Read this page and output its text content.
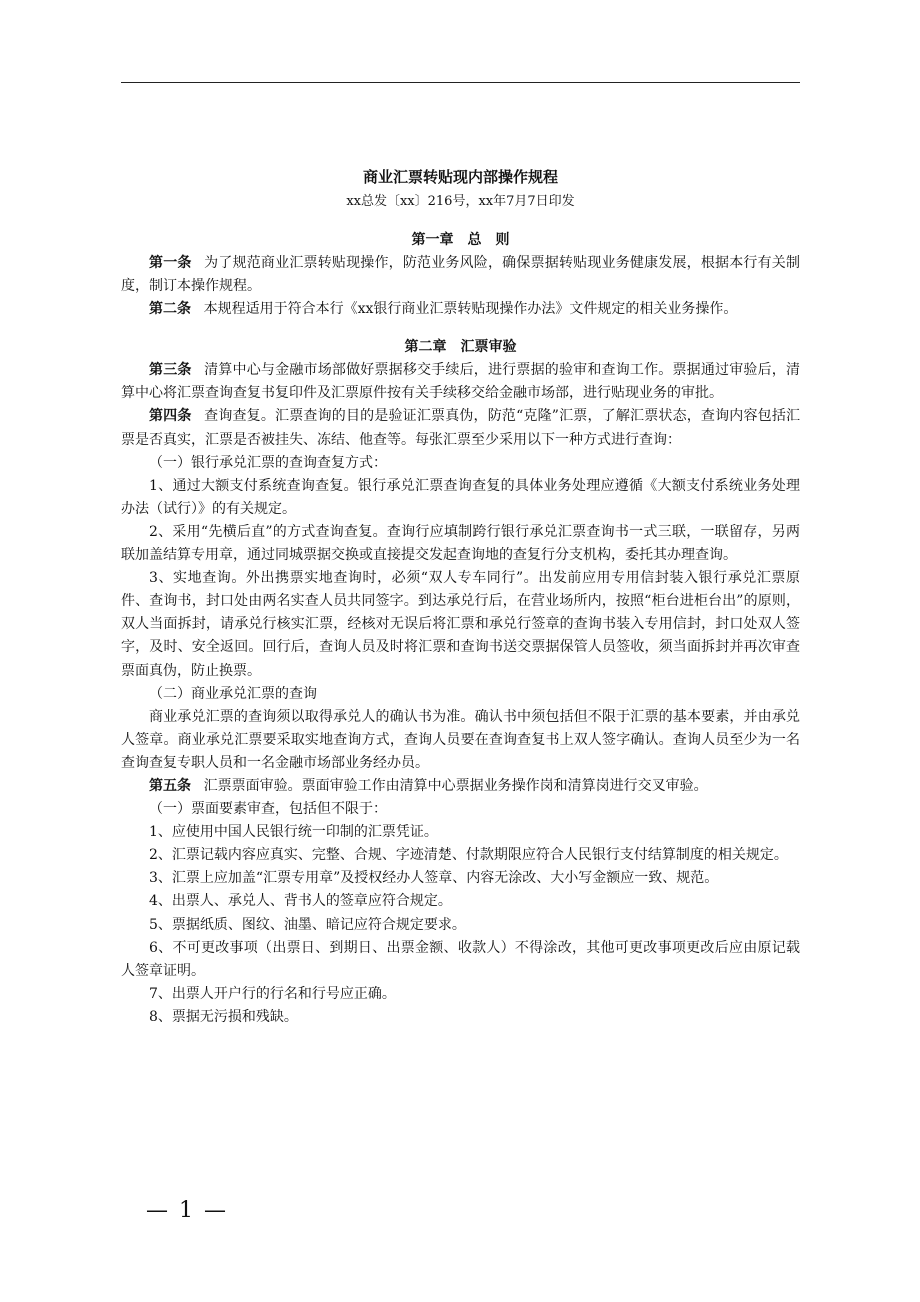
商业汇票转贴现内部操作规程

xx总发〔xx〕216号，xx年7月7日印发

第一章　总　则

第一条 为了规范商业汇票转贴现操作，防范业务风险，确保票据转贴现业务健康发展，根据本行有关制度，制订本操作规程。

第二条 本规程适用于符合本行《xx银行商业汇票转贴现操作办法》文件规定的相关业务操作。

第二章　汇票审验

第三条 清算中心与金融市场部做好票据移交手续后，进行票据的验审和查询工作。票据通过审验后，清算中心将汇票查询查复书复印件及汇票原件按有关手续移交给金融市场部，进行贴现业务的审批。

第四条 查询查复。汇票查询的目的是验证汇票真伪，防范“克隆”汇票，了解汇票状态，查询内容包括汇票是否真实，汇票是否被挂失、冻结、他查等。每张汇票至少采用以下一种方式进行查询：

（一）银行承兑汇票的查询查复方式：

1、通过大额支付系统查询查复。银行承兑汇票查询查复的具体业务处理应遵循《大额支付系统业务处理办法（试行）》的有关规定。

2、采用“先横后直”的方式查询查复。查询行应填制跨行银行承兑汇票查询书一式三联，一联留存，另两联加盖结算专用章，通过同城票据交换或直接提交发起查询地的查复行分支机构，委托其办理查询。

3、实地查询。外出携票实地查询时，必须“双人专车同行”。出发前应用专用信封装入银行承兑汇票原件、查询书，封口处由两名实查人员共同签字。到达承兑行后，在营业场所内，按照“柜台进柜台出”的原则，双人当面拆封，请承兑行核实汇票，经核对无误后将汇票和承兑行签章的查询书装入专用信封，封口处双人签字，及时、安全返回。回行后，查询人员及时将汇票和查询书送交票据保管人员签收，须当面拆封并再次审查票面真伪，防止换票。

（二）商业承兑汇票的查询

商业承兑汇票的查询须以取得承兑人的确认书为准。确认书中须包括但不限于汇票的基本要素，并由承兑人签章。商业承兑汇票要采取实地查询方式，查询人员要在查询查复书上双人签字确认。查询人员至少为一名查询查复专职人员和一名金融市场部业务经办员。

第五条 汇票票面审验。票面审验工作由清算中心票据业务操作岗和清算岗进行交叉审验。

（一）票面要素审查，包括但不限于：

1、应使用中国人民银行统一印制的汇票凭证。

2、汇票记载内容应真实、完整、合规、字迹清楚、付款期限应符合人民银行支付结算制度的相关规定。

3、汇票上应加盖“汇票专用章”及授权经办人签章、内容无涂改、大小写金额应一致、规范。

4、出票人、承兑人、背书人的签章应符合规定。

5、票据纸质、图纹、油墨、暗记应符合规定要求。

6、不可更改事项（出票日、到期日、出票金额、收款人）不得涂改，其他可更改事项更改后应由原记载人签章证明。

7、出票人开户行的行名和行号应正确。

8、票据无污损和残缺。

— 1 —
